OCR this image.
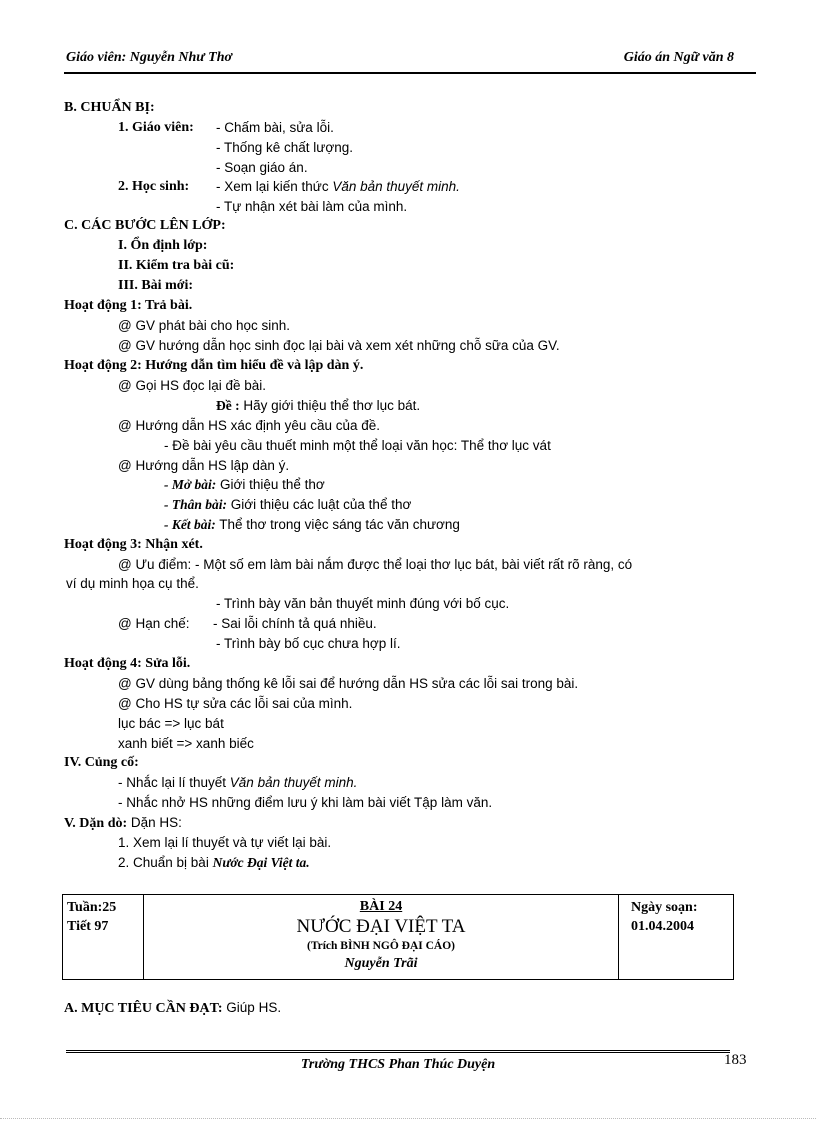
Giáo viên: Nguyễn Như Thơ	Giáo án Ngữ văn 8
B. CHUẨN BỊ:
1. Giáo viên: - Chấm bài, sửa lỗi.
- Thống kê chất lượng.
- Soạn giáo án.
2. Học sinh: - Xem lại kiến thức Văn bản thuyết minh.
- Tự nhận xét bài làm của mình.
C. CÁC BƯỚC LÊN LỚP:
I. Ổn định lớp:
II. Kiểm tra bài cũ:
III. Bài mới:
Hoạt động 1: Trả bài.
@ GV phát bài cho học sinh.
@ GV hướng dẫn học sinh đọc lại bài và xem xét những chỗ sữa của GV.
Hoạt động 2: Hướng dẫn tìm hiểu đề và lập dàn ý.
@ Gọi HS đọc lại đề bài.
Đề : Hãy giới thiệu thể thơ lục bát.
@ Hướng dẫn HS xác định yêu cầu của đề.
- Đề bài yêu cầu thuết minh một thể loại văn học: Thể thơ lục vát
@ Hướng dẫn HS lập dàn ý.
- Mở bài: Giới thiệu thể thơ
- Thân bài: Giới thiệu các luật của thể thơ
- Kết bài: Thể thơ trong việc sáng tác văn chương
Hoạt động 3: Nhận xét.
@ Ưu điểm: - Một số em làm bài nắm được thể loại thơ lục bát, bài viết rất rõ ràng, có
ví dụ minh họa cụ thể.
- Trình bày văn bản thuyết minh đúng với bố cục.
@ Hạn chế: - Sai lỗi chính tả quá nhiều.
- Trình bày bố cục chưa hợp lí.
Hoạt động 4: Sửa lỗi.
@ GV dùng bảng thống kê lỗi sai để hướng dẫn HS sửa các lỗi sai trong bài.
@ Cho HS tự sửa các lỗi sai của mình.
lục bác => lục bát
xanh biết => xanh biếc
IV. Củng cố:
- Nhắc lại lí thuyết Văn bản thuyết minh.
- Nhắc nhở HS những điểm lưu ý khi làm bài viết Tập làm văn.
V. Dặn dò: Dặn HS:
1. Xem lại lí thuyết và tự viết lại bài.
2. Chuẩn bị bài Nước Đại Việt ta.
Tuần:25
Tiết 97
BÀI 24
NƯỚC ĐẠI VIỆT TA
(Trích BÌNH NGÔ ĐẠI CÁO)
Nguyễn Trãi
Ngày soạn:
01.04.2004
A. MỤC TIÊU CẦN ĐẠT: Giúp HS.
Trường THCS Phan Thúc Duyện	183
